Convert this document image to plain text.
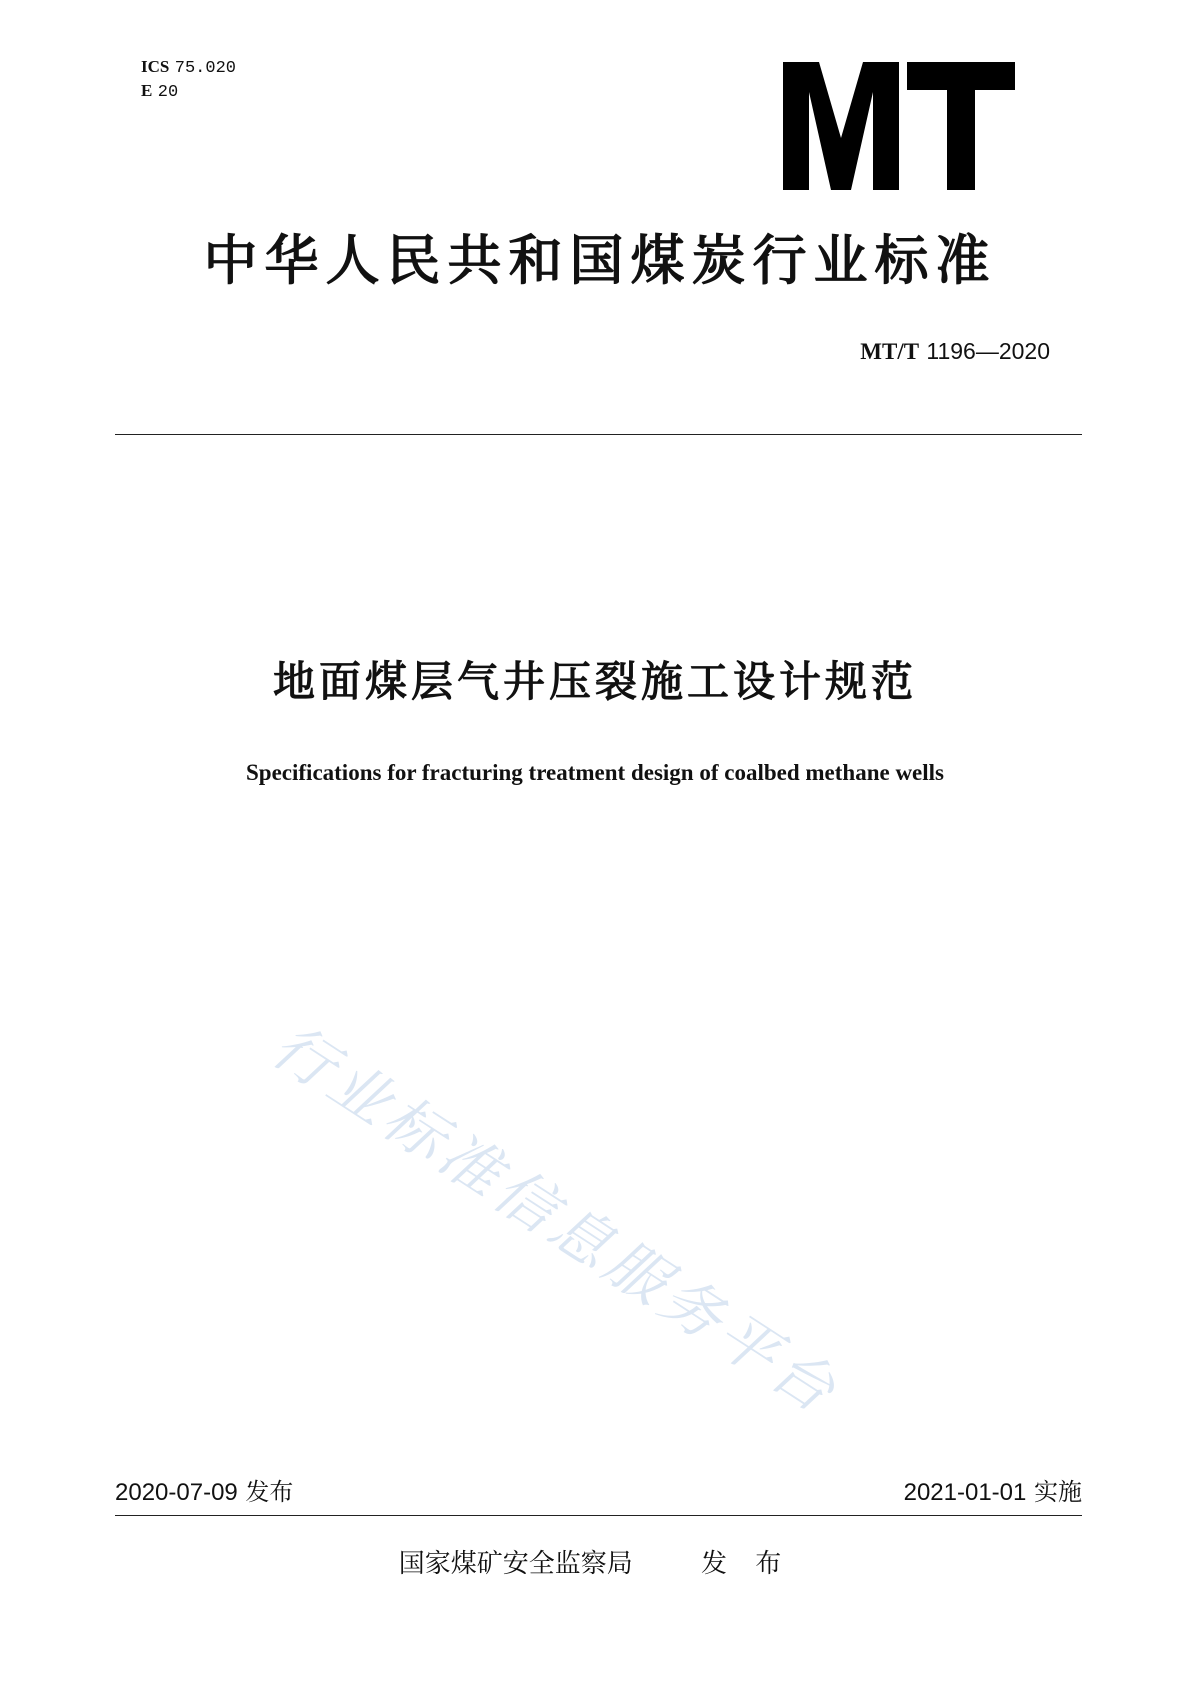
ICS 75.020
E 20
中华人民共和国煤炭行业标准
MT/T 1196—2020
地面煤层气井压裂施工设计规范
Specifications for fracturing treatment design of coalbed methane wells
行业标准信息服务平台
2020-07-09 发布	2021-01-01 实施
国家煤矿安全监察局	发 布
